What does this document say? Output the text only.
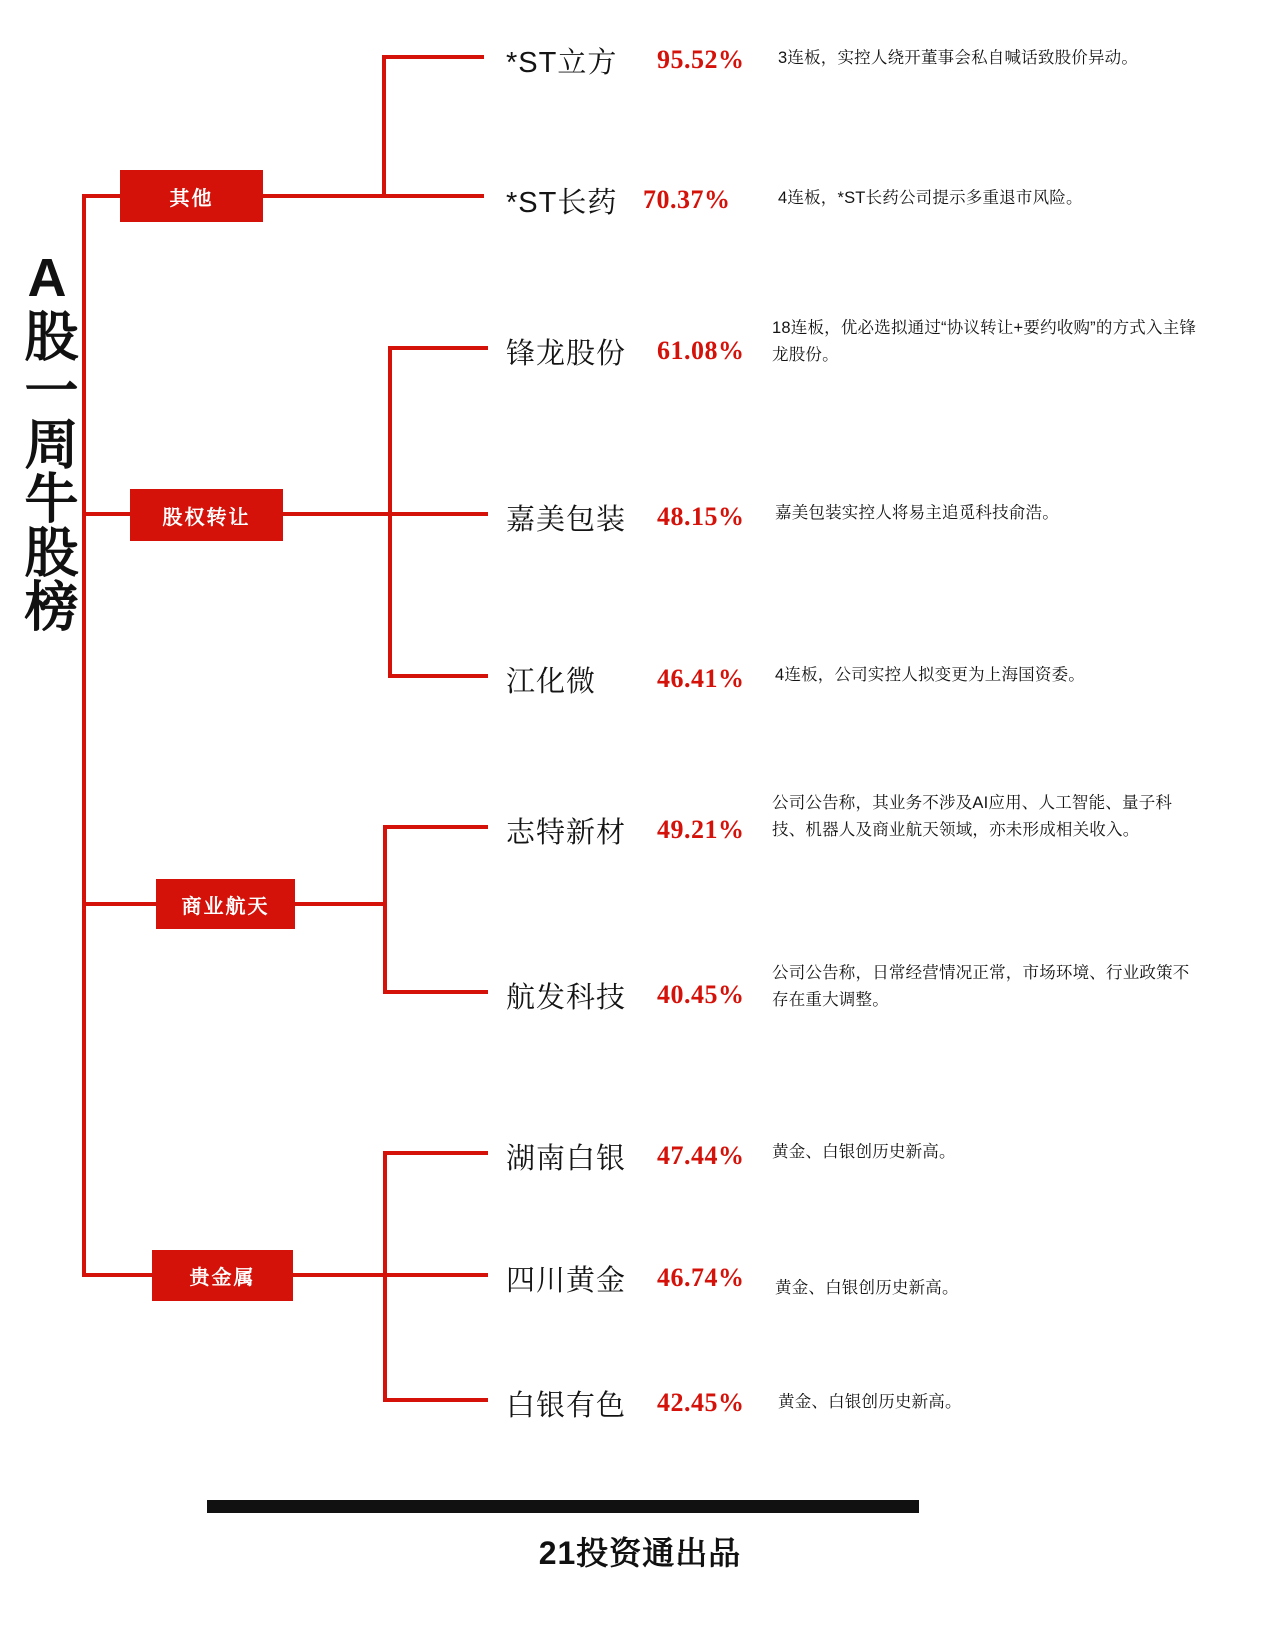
A股一周牛股榜
其他
股权转让
商业航天
贵金属
*ST立方 95.52% 3连板，实控人绕开董事会私自喊话致股价异动。
*ST长药 70.37%	4连板，*ST长药公司提示多重退市风险。
锋龙股份 61.08%
18连板，优必选拟通过“协议转让+要约收购”的方式入主锋龙股份。
嘉美包装 48.15% 嘉美包装实控人将易主追觅科技俞浩。
江化微 46.41% 4连板，公司实控人拟变更为上海国资委。
志特新材 49.21%
公司公告称，其业务不涉及AI应用、人工智能、量子科技、机器人及商业航天领域，亦未形成相关收入。
航发科技 40.45%
公司公告称，日常经营情况正常，市场环境、行业政策不存在重大调整。
湖南白银 47.44% 黄金、白银创历史新高。
四川黄金 46.74% 黄金、白银创历史新高。
白银有色 42.45% 黄金、白银创历史新高。
21投资通出品
